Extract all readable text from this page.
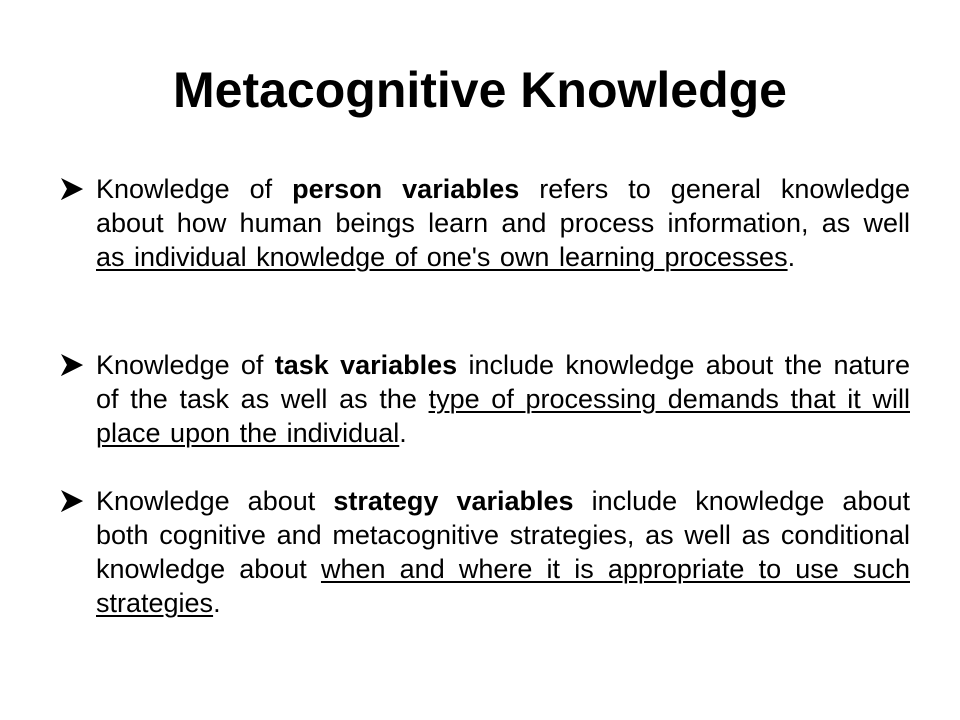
Metacognitive Knowledge
Knowledge of person variables refers to general knowledge about how human beings learn and process information, as well as individual knowledge of one's own learning processes.
Knowledge of task variables include knowledge about the nature of the task as well as the type of processing demands that it will place upon the individual.
Knowledge about strategy variables include knowledge about both cognitive and metacognitive strategies, as well as conditional knowledge about when and where it is appropriate to use such strategies.
